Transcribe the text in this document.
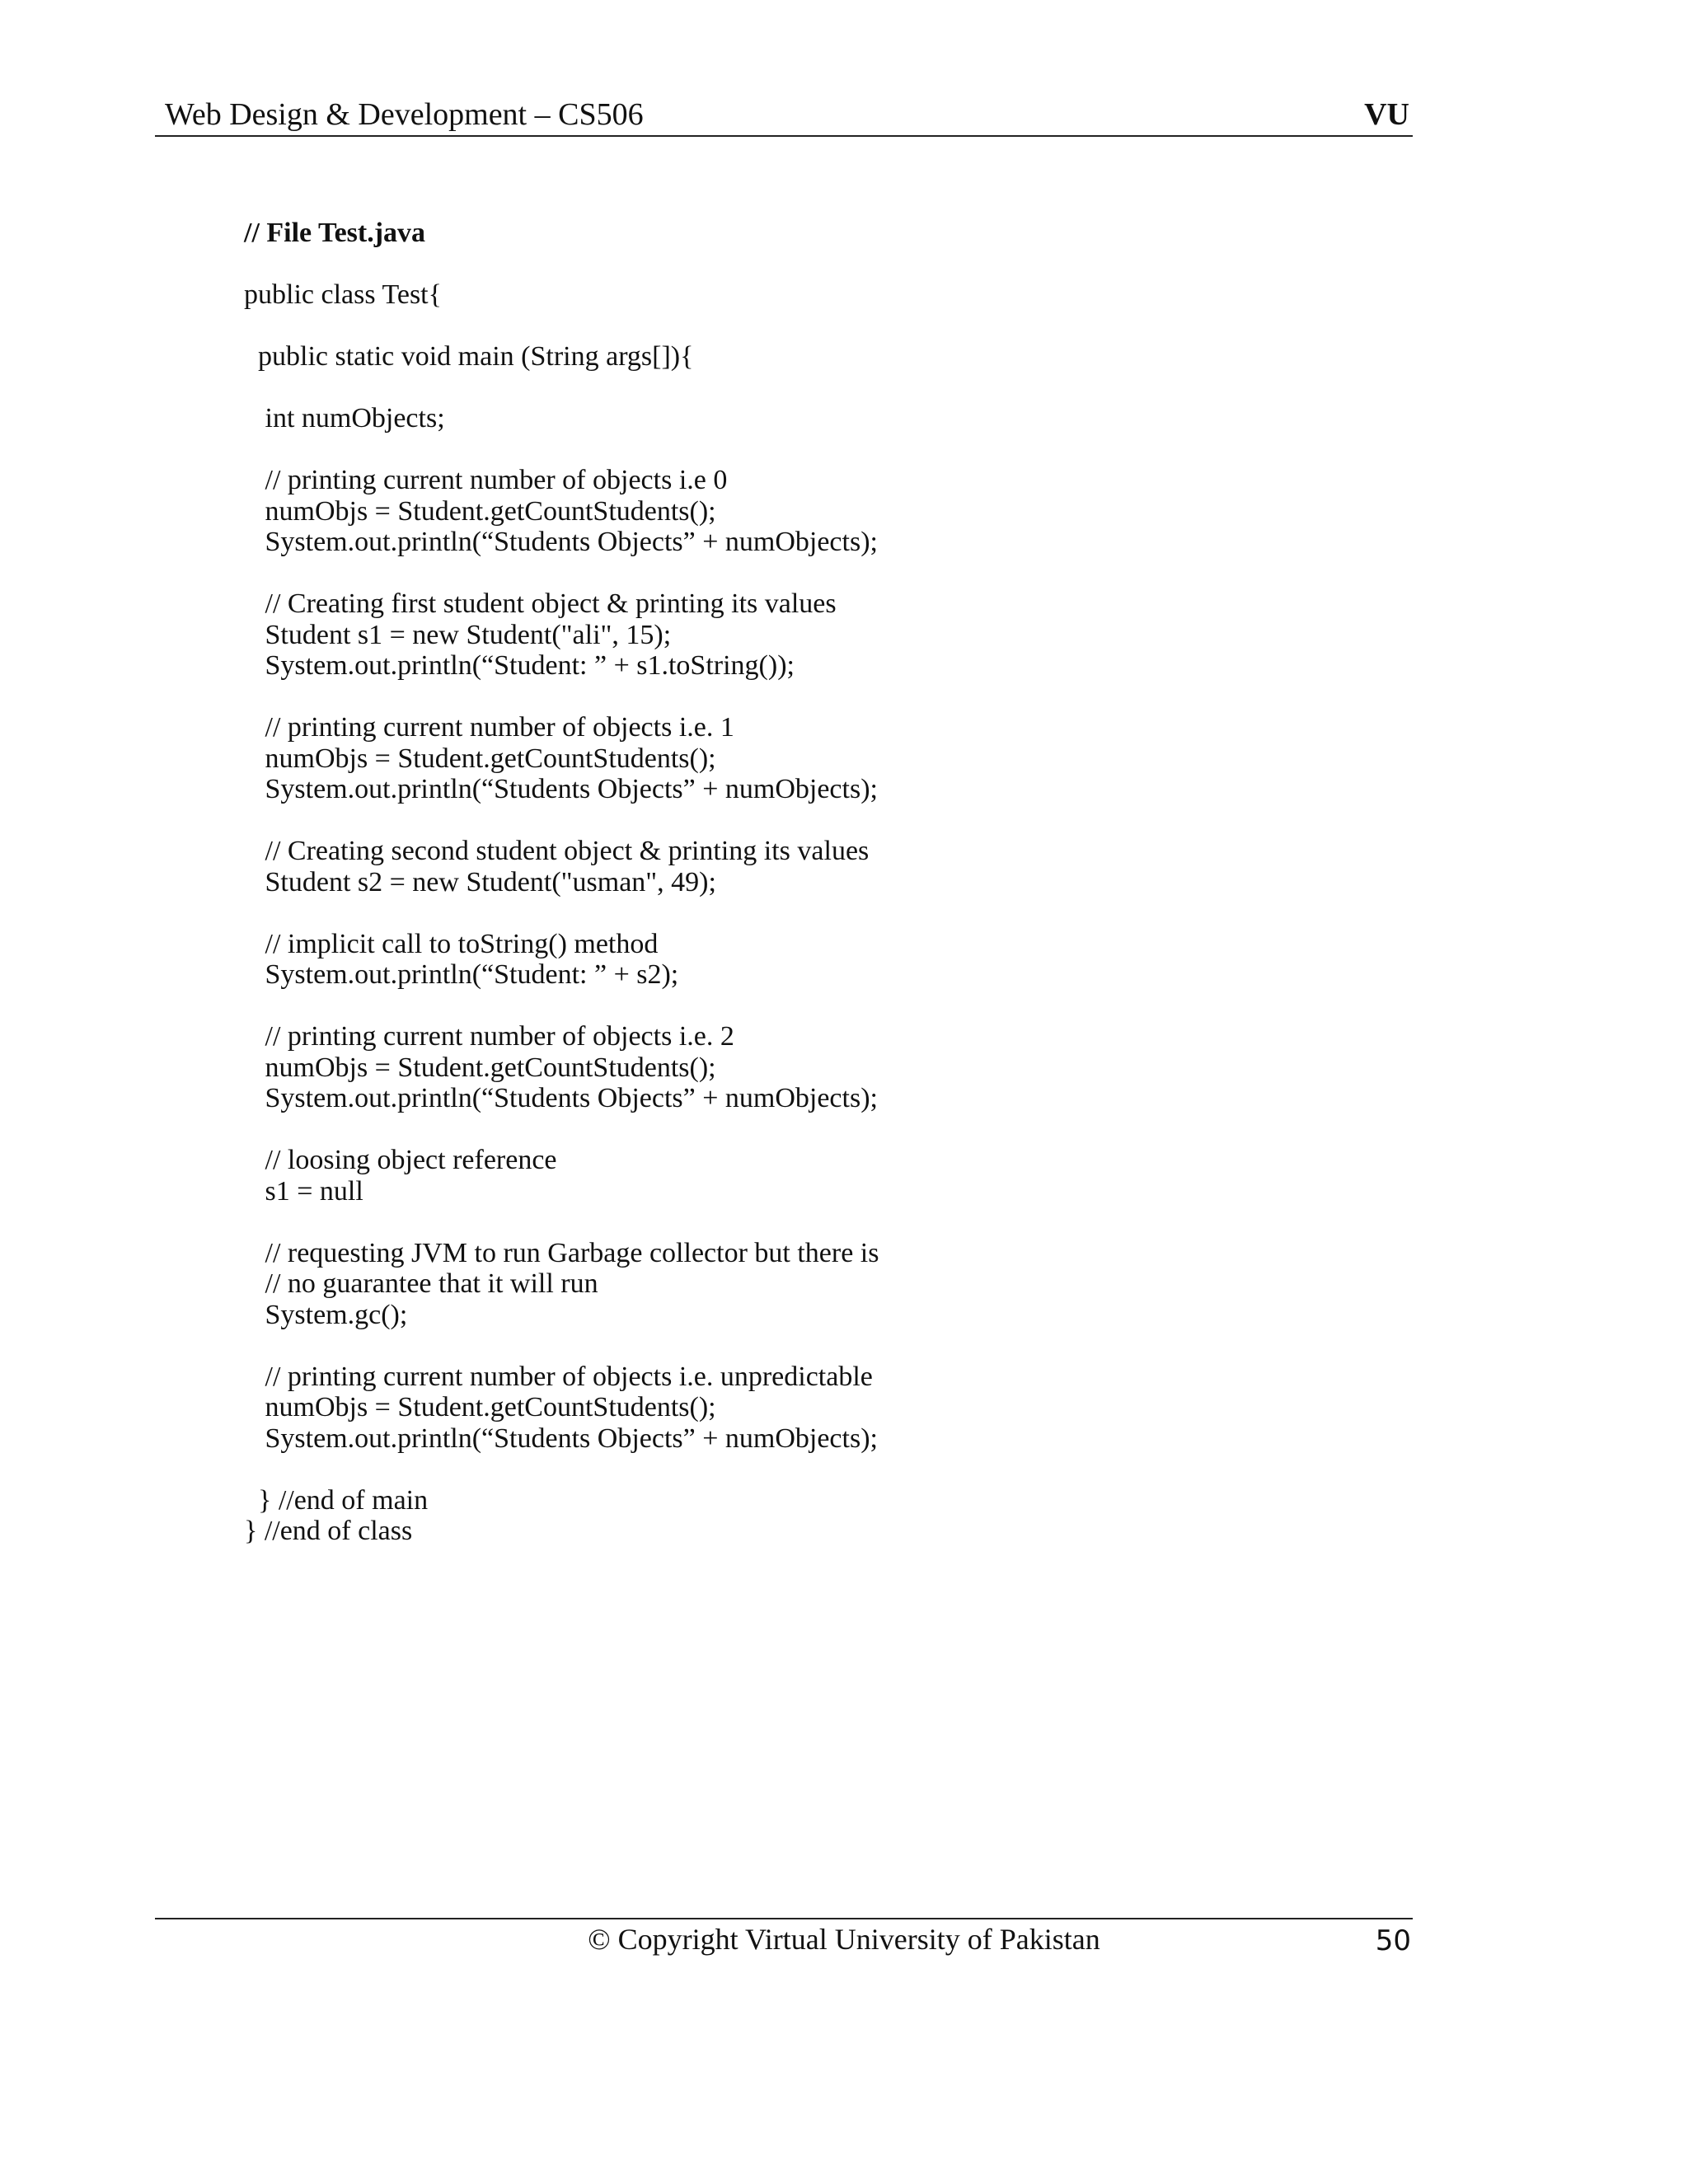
Web Design & Development – CS506	VU
// File Test.java
public class Test{
public static void main (String args[]){
int numObjects;
// printing current number of objects i.e 0
numObjs = Student.getCountStudents();
System.out.println(“Students Objects” + numObjects);
// Creating first student object & printing its values
Student s1 = new Student("ali", 15);
System.out.println(“Student: ” + s1.toString());
// printing current number of objects i.e. 1
numObjs = Student.getCountStudents();
System.out.println(“Students Objects” + numObjects);
// Creating second student object & printing its values
Student s2 = new Student("usman", 49);
// implicit call to toString() method
System.out.println(“Student: ” + s2);
// printing current number of objects i.e. 2
numObjs = Student.getCountStudents();
System.out.println(“Students Objects” + numObjects);
// loosing object reference
s1 = null
// requesting JVM to run Garbage collector but there is
// no guarantee that it will run
System.gc();
// printing current number of objects i.e. unpredictable
numObjs = Student.getCountStudents();
System.out.println(“Students Objects” + numObjects);
} //end of main
} //end of class
© Copyright Virtual University of Pakistan	50
